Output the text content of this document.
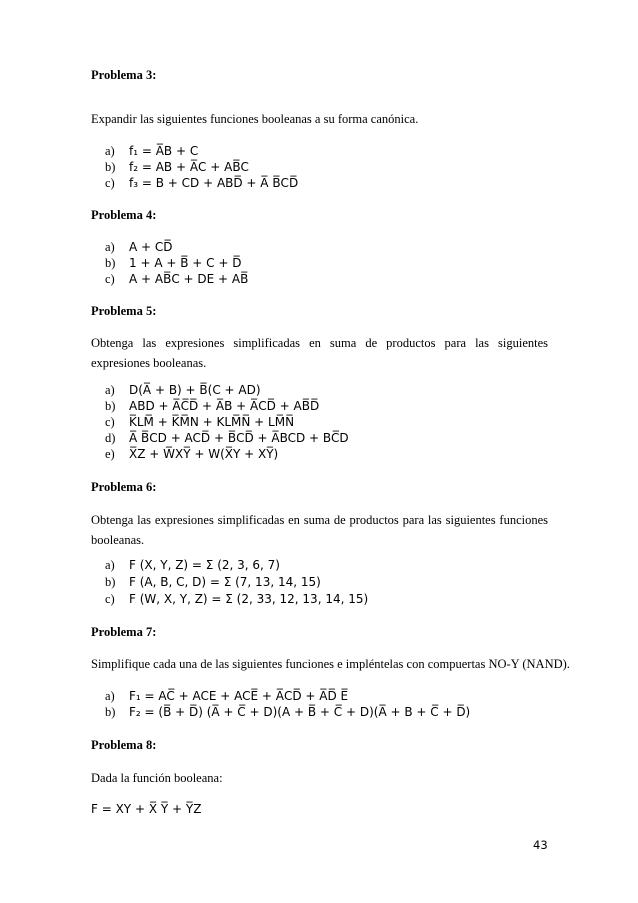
Problema 3:
Expandir las siguientes funciones booleanas a su forma canónica.
a) f₁ = A̅B + C
b) f₂ = AB + A̅C + AB̅C
c) f₃ = B + CD + ABD̅ + A̅ B̅CD̅
Problema 4:
a) A + CD̅
b) 1 + A + B̅ + C + D̅
c) A + AB̅C + DE + AB̅
Problema 5:
Obtenga las expresiones simplificadas en suma de productos para las siguientes expresiones booleanas.
a) D(A̅ + B) + B̅(C + AD)
b) ABD + A̅C̅D̅ + A̅B + A̅CD̅ + AB̅D̅
c) K̅LM̅ + K̅M̅N + KLM̅N̅ + LM̅N̅
d) A̅ B̅CD + ACD̅ + B̅CD̅ + A̅BCD + BC̅D
e) X̅Z + W̅XY̅ + W(X̅Y + XY̅)
Problema 6:
Obtenga las expresiones simplificadas en suma de productos para las siguientes funciones booleanas.
a) F (X, Y, Z) = Σ (2, 3, 6, 7)
b) F (A, B, C, D) = Σ (7, 13, 14, 15)
c) F (W, X, Y, Z) = Σ (2, 33, 12, 13, 14, 15)
Problema 7:
Simplifique cada una de las siguientes funciones e impléntelas con compuertas NO-Y (NAND).
a) F₁ = AC̅ + ACE + ACE̅ + A̅CD̅ + A̅D̅ E̅
b) F₂ = (B̅ + D̅) (A̅ + C̅ + D)(A + B̅ + C̅ + D)(A̅ + B + C̅ + D̅)
Problema 8:
Dada la función booleana:
F = XY + X̅ Y̅ + Y̅Z
43
